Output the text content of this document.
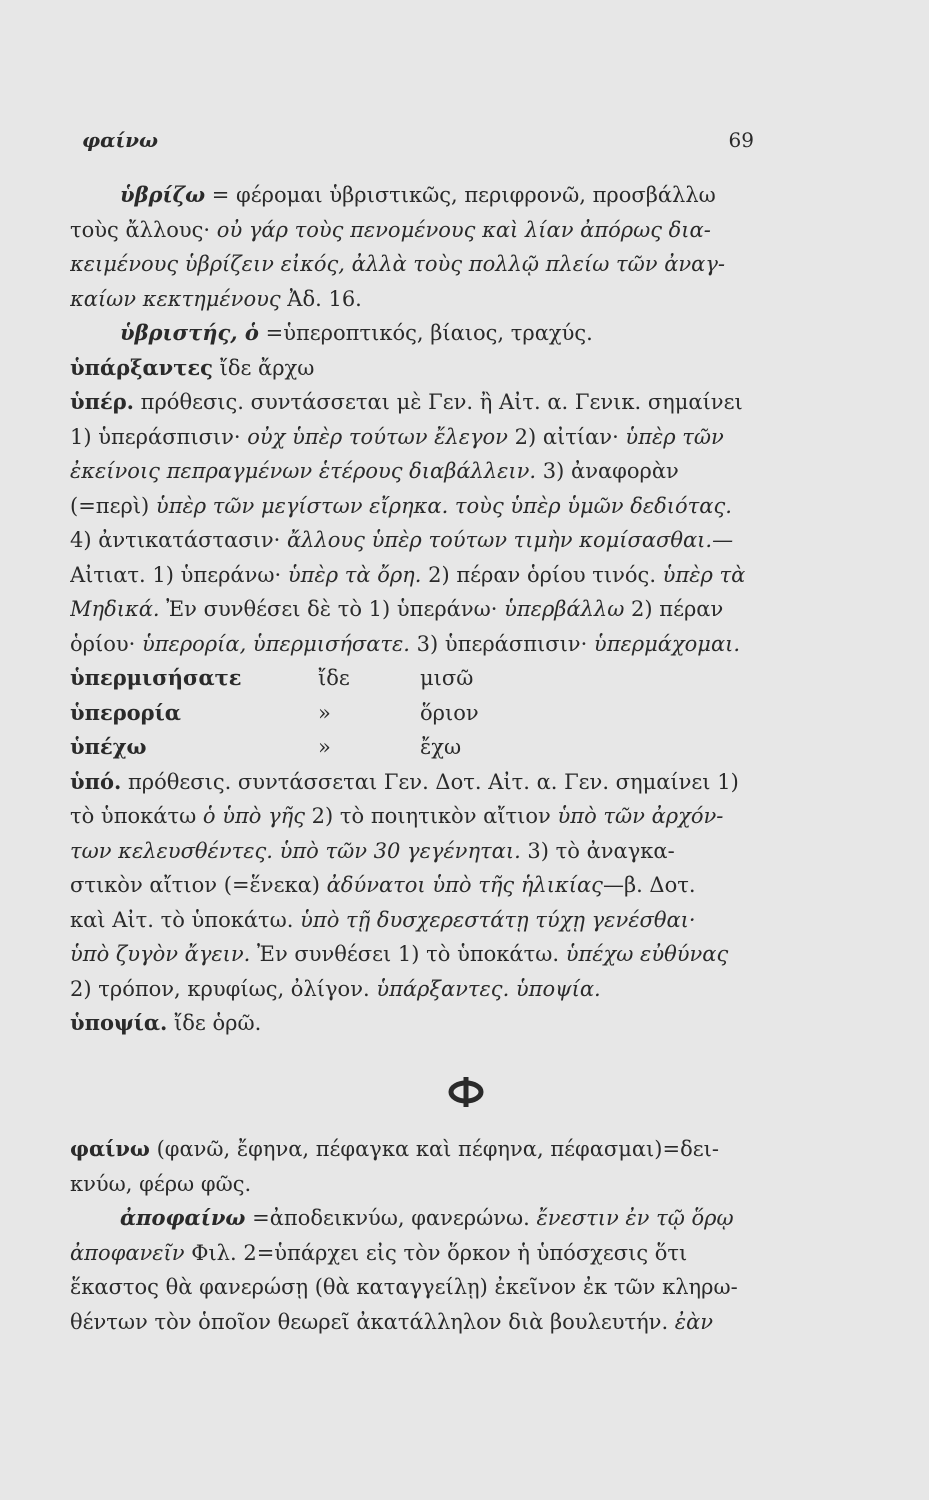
φαίνω	69
ὑβρίζω = φέρομαι ὑβριστικῶς, περιφρονῶ, προσβάλλω
τοὺς ἄλλους· οὐ γάρ τοὺς πενομένους καὶ λίαν ἀπόρως δια-
κειμένους ὑβρίζειν εἰκός, ἀλλὰ τοὺς πολλῷ πλείω τῶν ἀναγ-
καίων κεκτημένους Ἀδ. 16.
ὑβριστής, ὁ =ὑπεροπτικός, βίαιος, τραχύς.
ὑπάρξαντες ἴδε ἄρχω
ὑπέρ. πρόθεσις. συντάσσεται μὲ Γεν. ἢ Αἰτ. α. Γενικ. σημαίνει
1) ὑπεράσπισιν· οὐχ ὑπὲρ τούτων ἔλεγον 2) αἰτίαν· ὑπὲρ τῶν
ἐκείνοις πεπραγμένων ἑτέρους διαβάλλειν. 3) ἀναφορὰν
(=περὶ) ὑπὲρ τῶν μεγίστων εἴρηκα. τοὺς ὑπὲρ ὑμῶν δεδιότας.
4) ἀντικατάστασιν· ἄλλους ὑπὲρ τούτων τιμὴν κομίσασθαι.—
Αἰτιατ. 1) ὑπεράνω· ὑπὲρ τὰ ὄρη. 2) πέραν ὁρίου τινός. ὑπὲρ τὰ
Μηδικά. Ἐν συνθέσει δὲ τὸ 1) ὑπεράνω· ὑπερβάλλω 2) πέραν
ὁρίου· ὑπερορία, ὑπερμισήσατε. 3) ὑπεράσπισιν· ὑπερμάχομαι.
ὑπερμισήσατε	ἴδε	μισῶ
ὑπερορία	»	ὅριον
ὑπέχω	»	ἔχω
ὑπό. πρόθεσις. συντάσσεται Γεν. Δοτ. Αἰτ. α. Γεν. σημαίνει 1)
τὸ ὑποκάτω ὁ ὑπὸ γῆς 2) τὸ ποιητικὸν αἴτιον ὑπὸ τῶν ἀρχόν-
των κελευσθέντες. ὑπὸ τῶν 30 γεγένηται. 3) τὸ ἀναγκα-
στικὸν αἴτιον (=ἕνεκα) ἀδύνατοι ὑπὸ τῆς ἡλικίας—β. Δοτ.
καὶ Αἰτ. τὸ ὑποκάτω. ὑπὸ τῇ δυσχερεστάτῃ τύχῃ γενέσθαι·
ὑπὸ ζυγὸν ἄγειν. Ἐν συνθέσει 1) τὸ ὑποκάτω. ὑπέχω εὐθύνας
2) τρόπον, κρυφίως, ὀλίγον. ὑπάρξαντες. ὑποψία.
ὑποψία. ἴδε ὁρῶ.
φαίνω (φανῶ, ἔφηνα, πέφαγκα καὶ πέφηνα, πέφασμαι)=δει-
κνύω, φέρω φῶς.
ἀποφαίνω =ἀποδεικνύω, φανερώνω. ἔνεστιν ἐν τῷ ὅρῳ
ἀποφανεῖν Φιλ. 2=ὑπάρχει εἰς τὸν ὅρκον ἡ ὑπόσχεσις ὅτι
ἕκαστος θὰ φανερώσῃ (θὰ καταγγείλῃ) ἐκεῖνον ἐκ τῶν κληρω-
θέντων τὸν ὁποῖον θεωρεῖ ἀκατάλληλον διὰ βουλευτήν. ἐὰν
